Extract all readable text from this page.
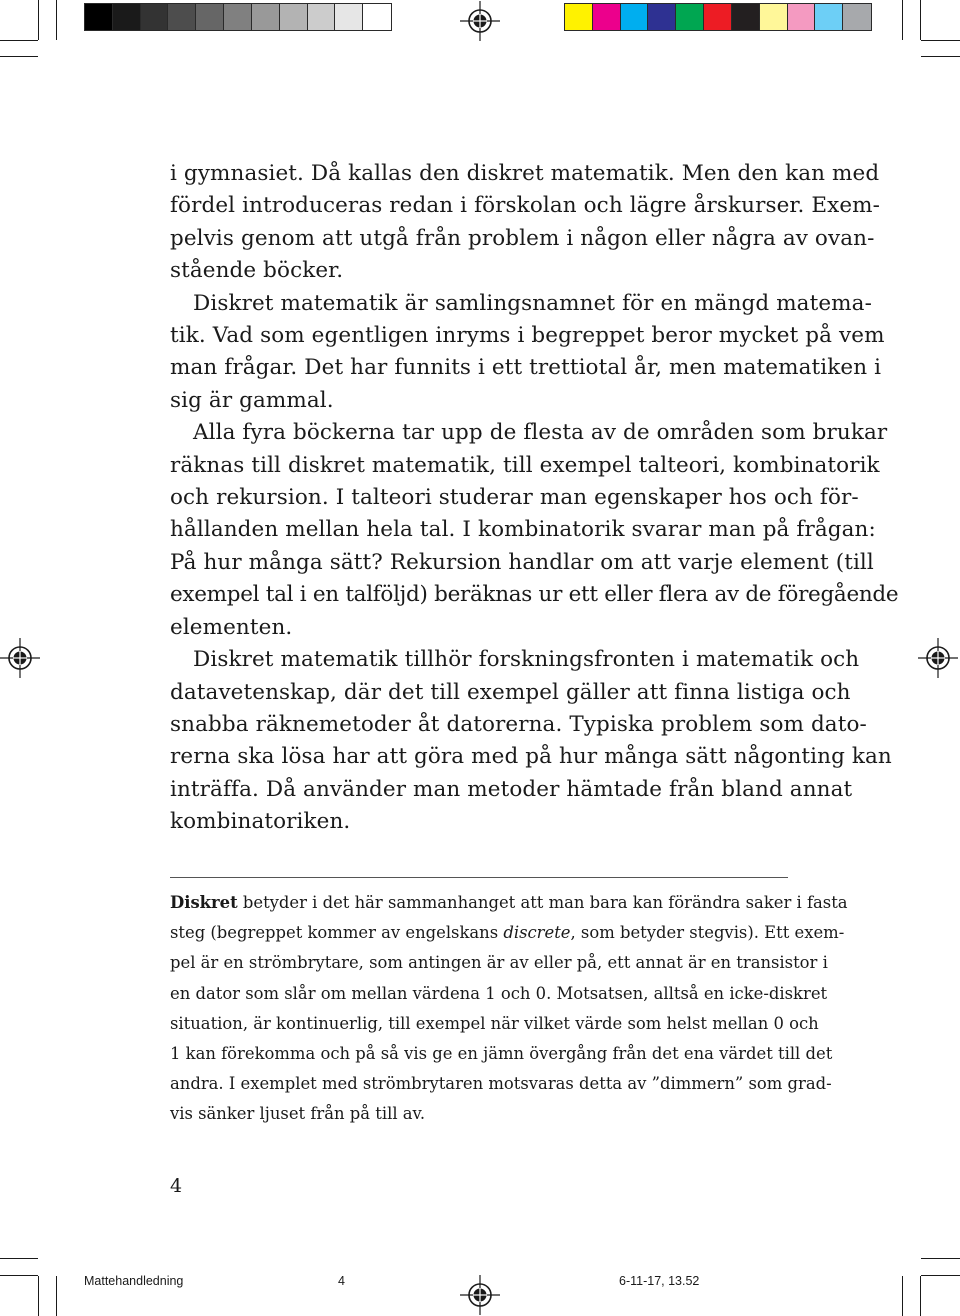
i gymnasiet. Då kallas den diskret matematik. Men den kan med
fördel introduceras redan i förskolan och lägre årskurser. Exem-
pelvis genom att utgå från problem i någon eller några av ovan-
stående böcker.

Diskret matematik är samlingsnamnet för en mängd matema-
tik. Vad som egentligen inryms i begreppet beror mycket på vem
man frågar. Det har funnits i ett trettiotal år, men matematiken i
sig är gammal.

Alla fyra böckerna tar upp de flesta av de områden som brukar
räknas till diskret matematik, till exempel talteori, kombinatorik
och rekursion. I talteori studerar man egenskaper hos och för-
hållanden mellan hela tal. I kombinatorik svarar man på frågan:
På hur många sätt? Rekursion handlar om att varje element (till
exempel tal i en talföljd) beräknas ur ett eller flera av de föregående
elementen.

Diskret matematik tillhör forskningsfronten i matematik och
datavetenskap, där det till exempel gäller att finna listiga och
snabba räknemetoder åt datorerna. Typiska problem som dato-
rerna ska lösa har att göra med på hur många sätt någonting kan
inträffa. Då använder man metoder hämtade från bland annat
kombinatoriken.

Diskret betyder i det här sammanhanget att man bara kan förändra saker i fasta
steg (begreppet kommer av engelskans discrete, som betyder stegvis). Ett exem-
pel är en strömbrytare, som antingen är av eller på, ett annat är en transistor i
en dator som slår om mellan värdena 1 och 0. Motsatsen, alltså en icke-diskret
situation, är kontinuerlig, till exempel när vilket värde som helst mellan 0 och
1 kan förekomma och på så vis ge en jämn övergång från det ena värdet till det
andra. I exemplet med strömbrytaren motsvaras detta av ”dimmern” som grad-
vis sänker ljuset från på till av.

4
Mattehandledning	4	6-11-17, 13.52
